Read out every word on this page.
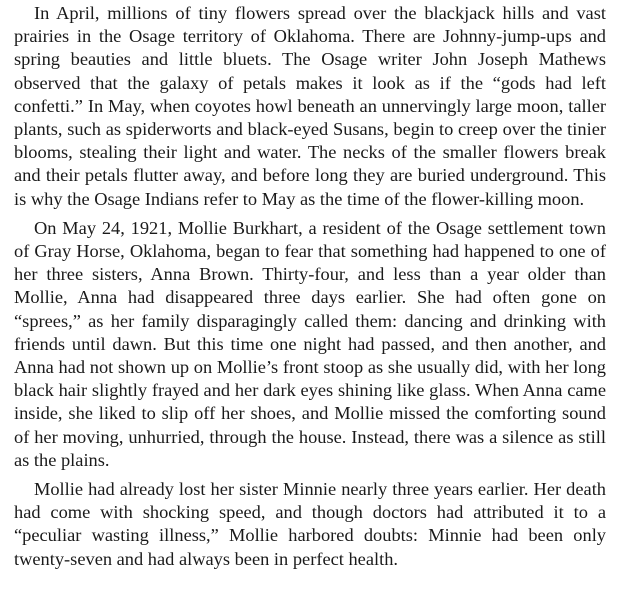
In April, millions of tiny flowers spread over the blackjack hills and vast prairies in the Osage territory of Oklahoma. There are Johnny-jump-ups and spring beauties and little bluets. The Osage writer John Joseph Mathews observed that the galaxy of petals makes it look as if the “gods had left confetti.” In May, when coyotes howl beneath an unnervingly large moon, taller plants, such as spiderworts and black-eyed Susans, begin to creep over the tinier blooms, stealing their light and water. The necks of the smaller flowers break and their petals flutter away, and before long they are buried underground. This is why the Osage Indians refer to May as the time of the flower-killing moon.

On May 24, 1921, Mollie Burkhart, a resident of the Osage settlement town of Gray Horse, Oklahoma, began to fear that something had happened to one of her three sisters, Anna Brown. Thirty-four, and less than a year older than Mollie, Anna had disappeared three days earlier. She had often gone on “sprees,” as her family disparagingly called them: dancing and drinking with friends until dawn. But this time one night had passed, and then another, and Anna had not shown up on Mollie’s front stoop as she usually did, with her long black hair slightly frayed and her dark eyes shining like glass. When Anna came inside, she liked to slip off her shoes, and Mollie missed the comforting sound of her moving, unhurried, through the house. Instead, there was a silence as still as the plains.

Mollie had already lost her sister Minnie nearly three years earlier. Her death had come with shocking speed, and though doctors had attributed it to a “peculiar wasting illness,” Mollie harbored doubts: Minnie had been only twenty-seven and had always been in perfect health.
